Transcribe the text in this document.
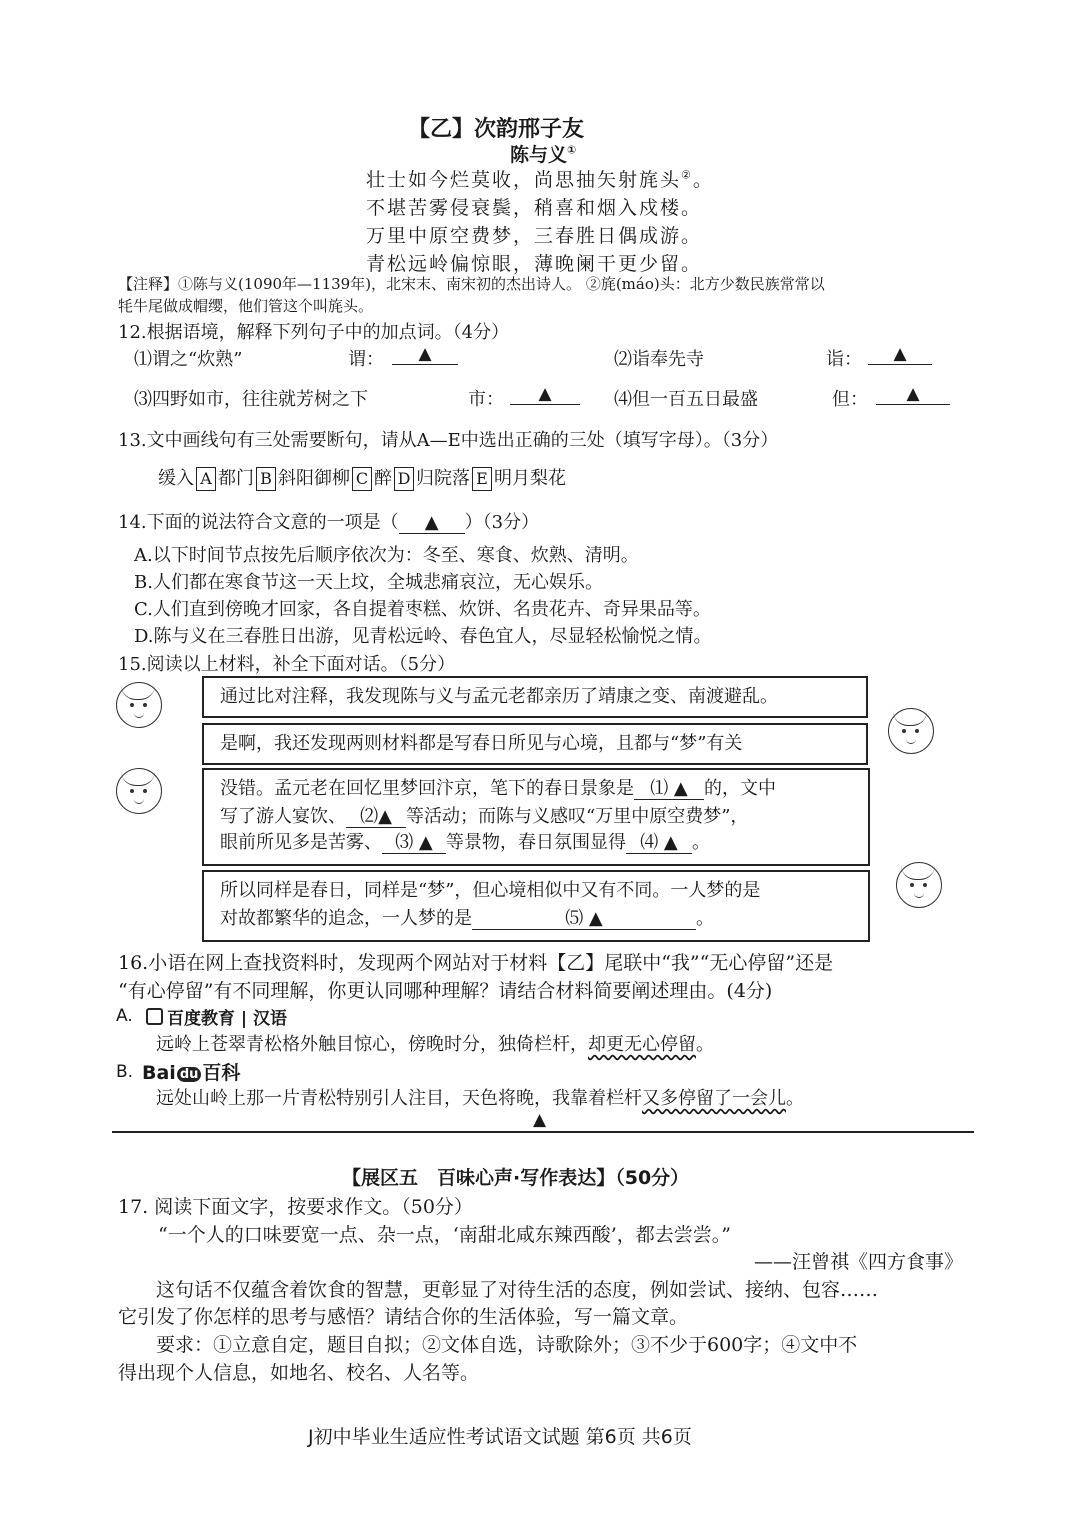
【乙】次韵邢子友
陈与义①
壮士如今烂莫收，尚思抽矢射旄头②。
不堪苦雾侵衰鬓，稍喜和烟入戍楼。
万里中原空费梦，三春胜日偶成游。
青松远岭偏惊眼，薄晚阑干更少留。
【注释】①陈与义(1090年—1139年)，北宋末、南宋初的杰出诗人。 ②旄(máo)头：北方少数民族常常以
牦牛尾做成帽缨，他们管这个叫旄头。
12.根据语境，解释下列句子中的加点词。（4分）
⑴谓之“炊熟”	谓：	▲	⑵诣奉先寺	诣：	▲
⑶四野如市，往往就芳树之下	市：	▲	⑷但一百五日最盛	但：	▲
13.文中画线句有三处需要断句，请从A—E中选出正确的三处（填写字母）。（3分）
缓入 A 都门 B 斜阳御柳 C 醉 D 归院落 E 明月梨花
14.下面的说法符合文意的一项是（ ▲ ）（3分）
A.以下时间节点按先后顺序依次为：冬至、寒食、炊熟、清明。
B.人们都在寒食节这一天上坟，全城悲痛哀泣，无心娱乐。
C.人们直到傍晚才回家，各自提着枣糕、炊饼、名贵花卉、奇异果品等。
D.陈与义在三春胜日出游，见青松远岭、春色宜人，尽显轻松愉悦之情。
15.阅读以上材料，补全下面对话。（5分）
通过比对注释，我发现陈与义与孟元老都亲历了靖康之变、南渡避乱。
是啊，我还发现两则材料都是写春日所见与心境，且都与“梦”有关
没错。孟元老在回忆里梦回汴京，笔下的春日景象是 ⑴ ▲ 的，文中
写了游人宴饮、 ⑵▲ 等活动；而陈与义感叹“万里中原空费梦”，
眼前所见多是苦雾、 ⑶ ▲ 等景物，春日氛围显得 ⑷ ▲ 。
所以同样是春日，同样是“梦”，但心境相似中又有不同。一人梦的是
对故都繁华的追念，一人梦的是	⑸ ▲	。
16.小语在网上查找资料时，发现两个网站对于材料【乙】尾联中“我”“无心停留”还是
“有心停留”有不同理解，你更认同哪种理解？请结合材料简要阐述理由。(4分)
A.	百度教育 | 汉语
远岭上苍翠青松格外触目惊心，傍晚时分，独倚栏杆，却更无心停留。
B. Bai du 百科
远处山岭上那一片青松特别引人注目，天色将晚，我靠着栏杆又多停留了一会儿。
▲
【展区五　百味心声·写作表达】（50分）
17. 阅读下面文字，按要求作文。（50分）
“一个人的口味要宽一点、杂一点，‘南甜北咸东辣西酸’，都去尝尝。”
——汪曾祺《四方食事》
这句话不仅蕴含着饮食的智慧，更彰显了对待生活的态度，例如尝试、接纳、包容……
它引发了你怎样的思考与感悟？请结合你的生活体验，写一篇文章。
要求：①立意自定，题目自拟；②文体自选，诗歌除外；③不少于600字；④文中不
得出现个人信息，如地名、校名、人名等。
J初中毕业生适应性考试语文试题 第6页 共6页
